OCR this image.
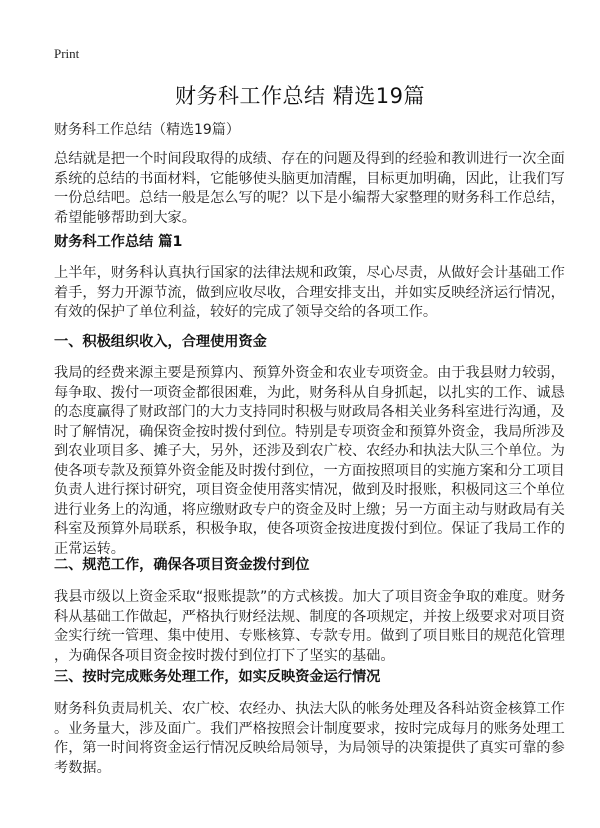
Print
财务科工作总结 精选19篇
财务科工作总结（精选19篇）
总结就是把一个时间段取得的成绩、存在的问题及得到的经验和教训进行一次全面
系统的总结的书面材料，它能够使头脑更加清醒，目标更加明确，因此，让我们写
一份总结吧。总结一般是怎么写的呢？以下是小编帮大家整理的财务科工作总结，
希望能够帮助到大家。
财务科工作总结 篇1
上半年，财务科认真执行国家的法律法规和政策，尽心尽责，从做好会计基础工作
着手，努力开源节流，做到应收尽收，合理安排支出，并如实反映经济运行情况，
有效的保护了单位利益，较好的完成了领导交给的各项工作。
一、积极组织收入，合理使用资金
我局的经费来源主要是预算内、预算外资金和农业专项资金。由于我县财力较弱，
每争取、拨付一项资金都很困难，为此，财务科从自身抓起，以扎实的工作、诚恳
的态度赢得了财政部门的大力支持同时积极与财政局各相关业务科室进行沟通，及
时了解情况，确保资金按时拨付到位。特别是专项资金和预算外资金，我局所涉及
到农业项目多、摊子大，另外，还涉及到农广校、农经办和执法大队三个单位。为
使各项专款及预算外资金能及时拨付到位，一方面按照项目的实施方案和分工项目
负责人进行探讨研究，项目资金使用落实情况，做到及时报账，积极同这三个单位
进行业务上的沟通，将应缴财政专户的资金及时上缴；另一方面主动与财政局有关
科室及预算外局联系，积极争取，使各项资金按进度拨付到位。保证了我局工作的
正常运转。
二、规范工作，确保各项目资金拨付到位
我县市级以上资金采取“报账提款”的方式核拨。加大了项目资金争取的难度。财务
科从基础工作做起，严格执行财经法规、制度的各项规定，并按上级要求对项目资
金实行统一管理、集中使用、专账核算、专款专用。做到了项目账目的规范化管理
，为确保各项目资金按时拨付到位打下了坚实的基础。
三、按时完成账务处理工作，如实反映资金运行情况
财务科负责局机关、农广校、农经办、执法大队的帐务处理及各科站资金核算工作
。业务量大，涉及面广。我们严格按照会计制度要求，按时完成每月的账务处理工
作，第一时间将资金运行情况反映给局领导，为局领导的决策提供了真实可靠的参
考数据。
